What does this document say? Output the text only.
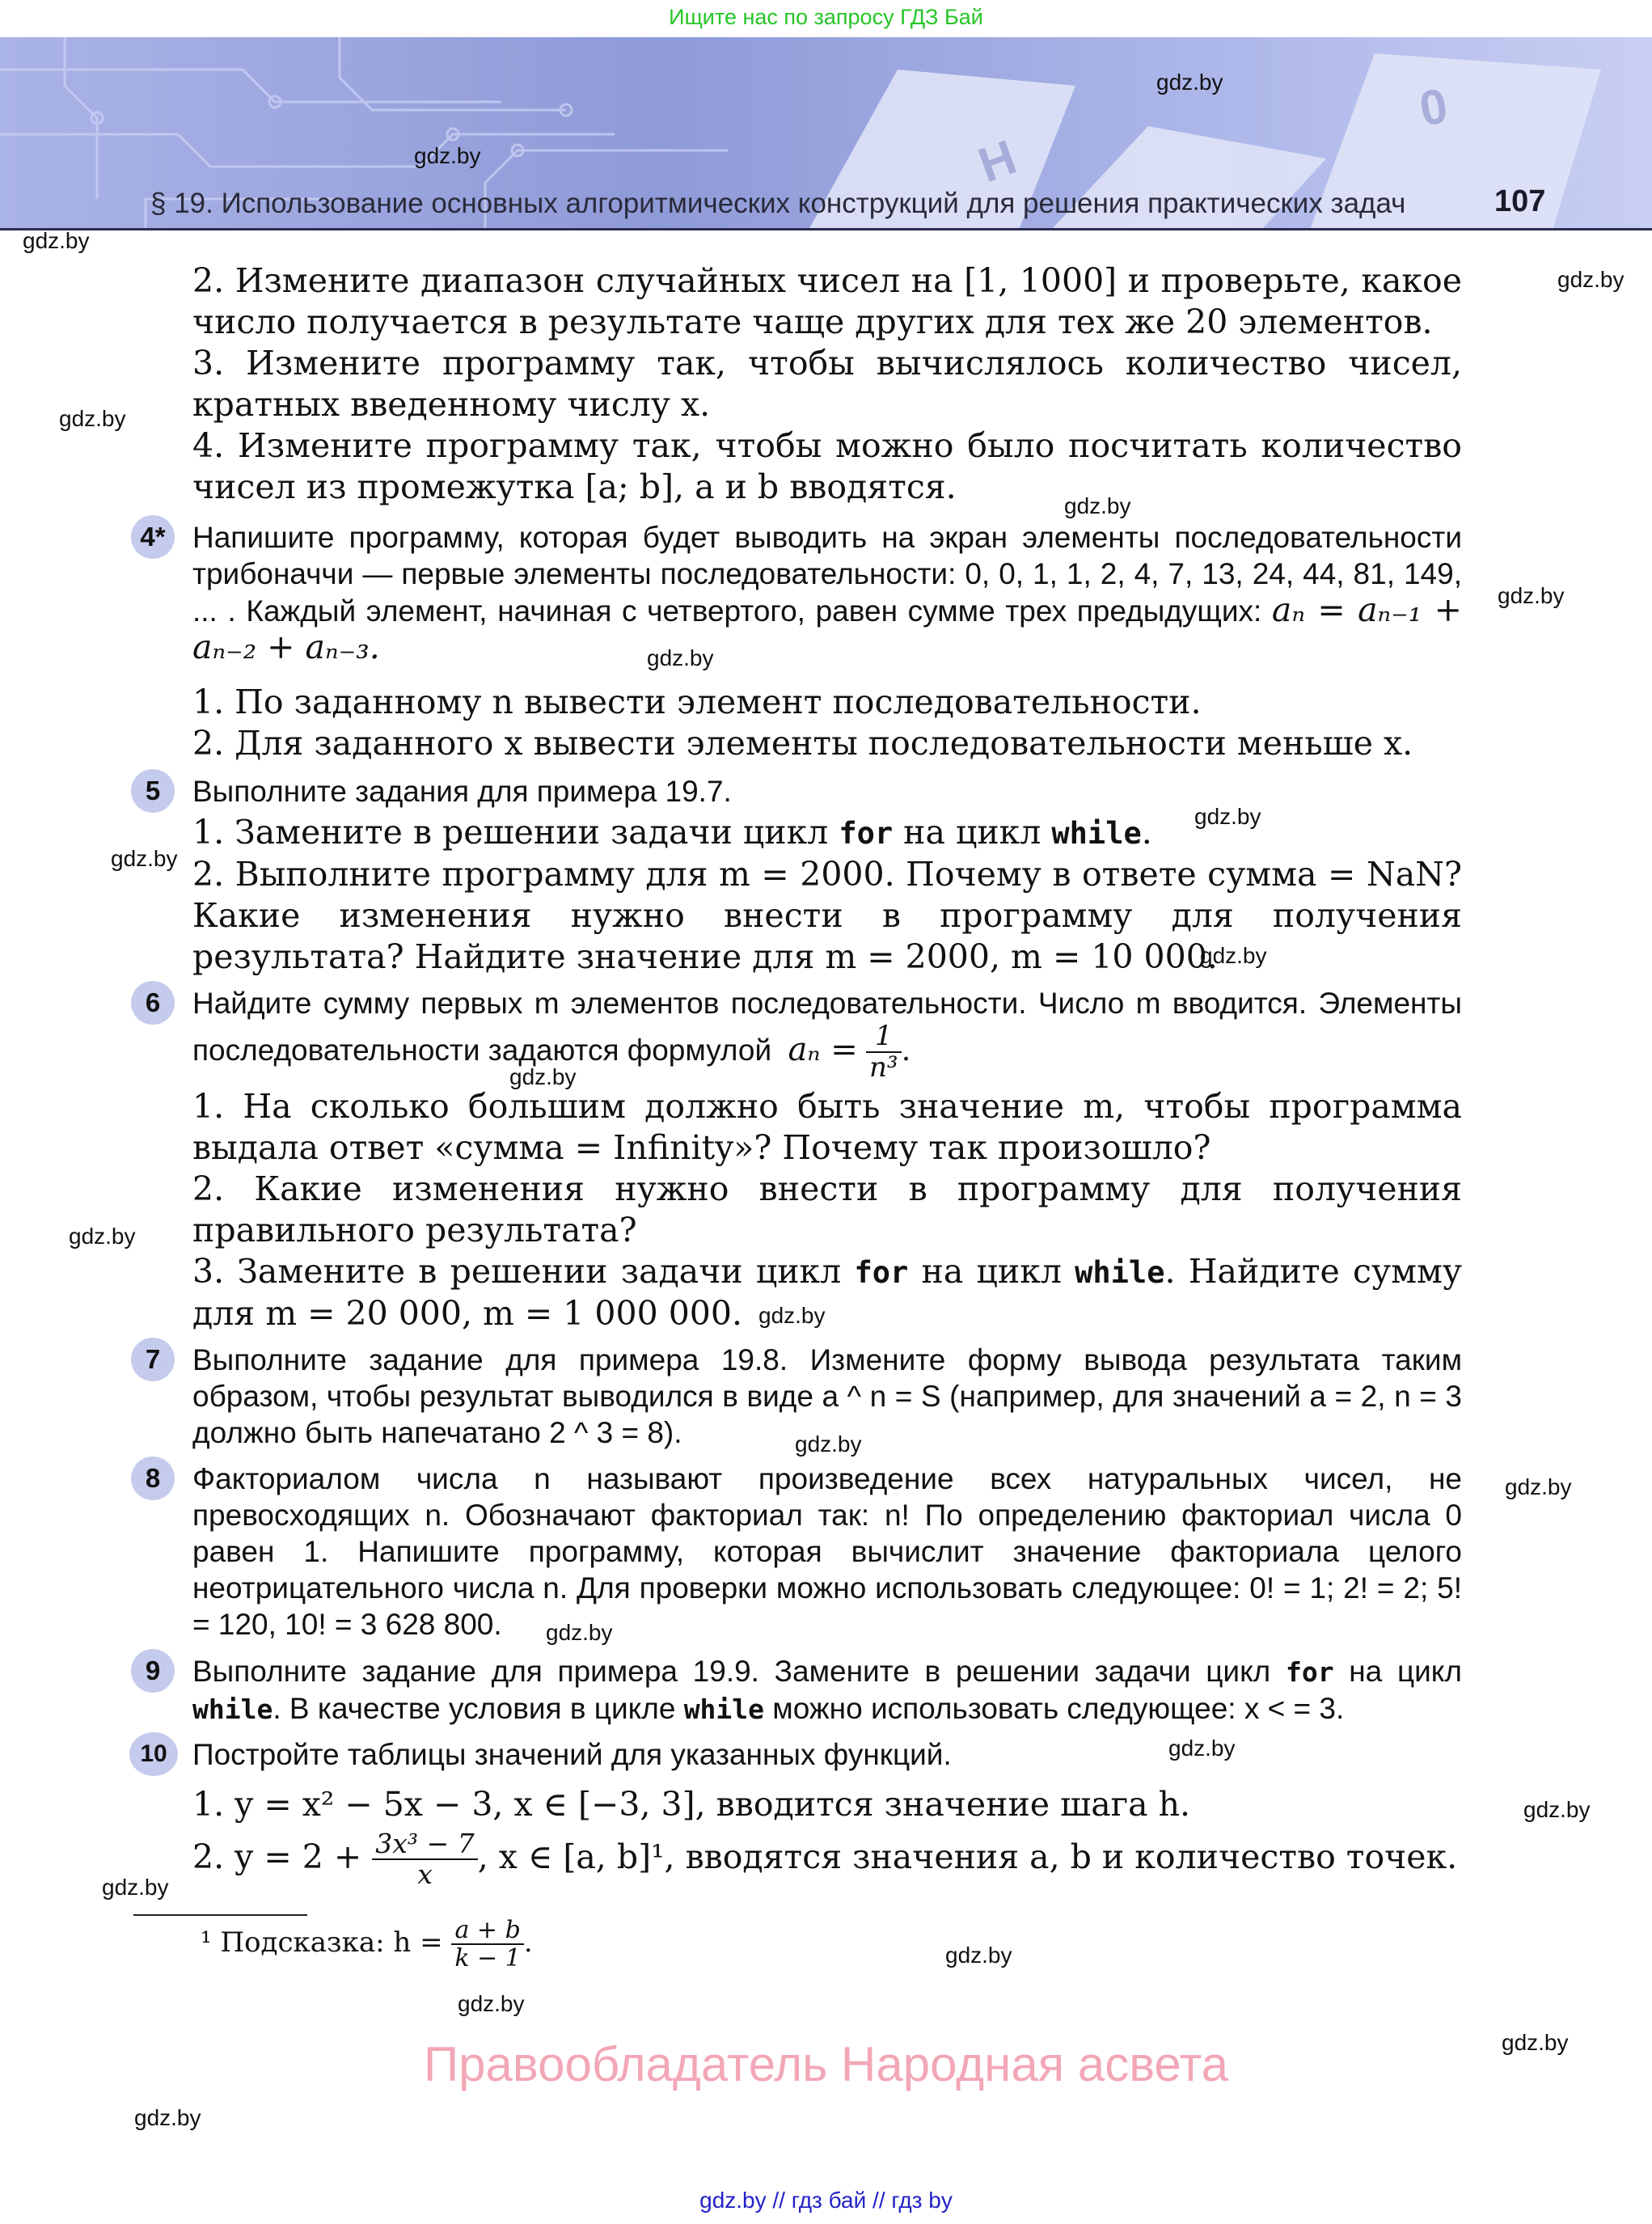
Ищите нас по запросу ГДЗ Бай
H
0
§ 19. Использование основных алгоритмических конструкций для решения практических задач	107
2. Измените диапазон случайных чисел на [1, 1000] и проверьте, какое число получается в результате чаще других для тех же 20 элементов.
3. Измените программу так, чтобы вычислялось количество чисел, кратных введенному числу x.
4. Измените программу так, чтобы можно было посчитать количество чисел из промежутка [a; b], a и b вводятся.
4* Напишите программу, которая будет выводить на экран элементы последовательности трибоначчи — первые элементы последовательности: 0, 0, 1, 1, 2, 4, 7, 13, 24, 44, 81, 149, ... . Каждый элемент, начиная с четвертого, равен сумме трех предыдущих: aₙ = aₙ₋₁ + aₙ₋₂ + aₙ₋₃.
1. По заданному n вывести элемент последовательности.
2. Для заданного x вывести элементы последовательности меньше x.
5	Выполните задания для примера 19.7.
1. Замените в решении задачи цикл for на цикл while.
2. Выполните программу для m = 2000. Почему в ответе сумма = NaN? Какие изменения нужно внести в программу для получения результата? Найдите значение для m = 2000, m = 10 000.
6	Найдите сумму первых m элементов последовательности. Число m вводится. Элементы последовательности задаются формулой $a_n = \frac{1}{\text{n³}}$ .
1. На сколько большим должно быть значение m, чтобы программа выдала ответ «сумма = Infinity»? Почему так произошло?
2. Какие изменения нужно внести в программу для получения правильного результата?
3. Замените в решении задачи цикл for на цикл while. Найдите сумму для m = 20 000, m = 1 000 000.
7	Выполните задание для примера 19.8. Измените форму вывода результата таким образом, чтобы результат выводился в виде a ^ n = S (например, для значений a = 2, n = 3 должно быть напечатано 2 ^ 3 = 8).
8	Факториалом числа n называют произведение всех натуральных чисел, не превосходящих n. Обозначают факториал так: n! По определению факториал числа 0 равен 1. Напишите программу, которая вычислит значение факториала целого неотрицательного числа n. Для проверки можно использовать следующее: 0! = 1; 2! = 2; 5! = 120, 10! = 3 628 800.
9	Выполните задание для примера 19.9. Замените в решении задачи цикл for на цикл while. В качестве условия в цикле while можно использовать следующее: x < = 3.
10 Постройте таблицы значений для указанных функций.
1. y = x² − 5x − 3, x ∈ [−3, 3], вводится значение шага h.
2. $y = 2 + \frac{\text{3x³ − 7}}{x}$ , x ∈ [a, b]¹, вводятся значения a, b и количество точек.
¹ Подсказка: $h = \frac{a + b}{k - 1}$ .
Правообладатель Народная асвета
gdz.by
gdz.by
gdz.by
gdz.by
gdz.by
gdz.by
gdz.by
gdz.by
gdz.by
gdz.by
gdz.by
gdz.by
gdz.by
gdz.by
gdz.by
gdz.by
gdz.by
gdz.by
gdz.by
gdz.by
gdz.by
gdz.by
gdz.by
gdz.by
gdz.by // гдз бай // гдз by
